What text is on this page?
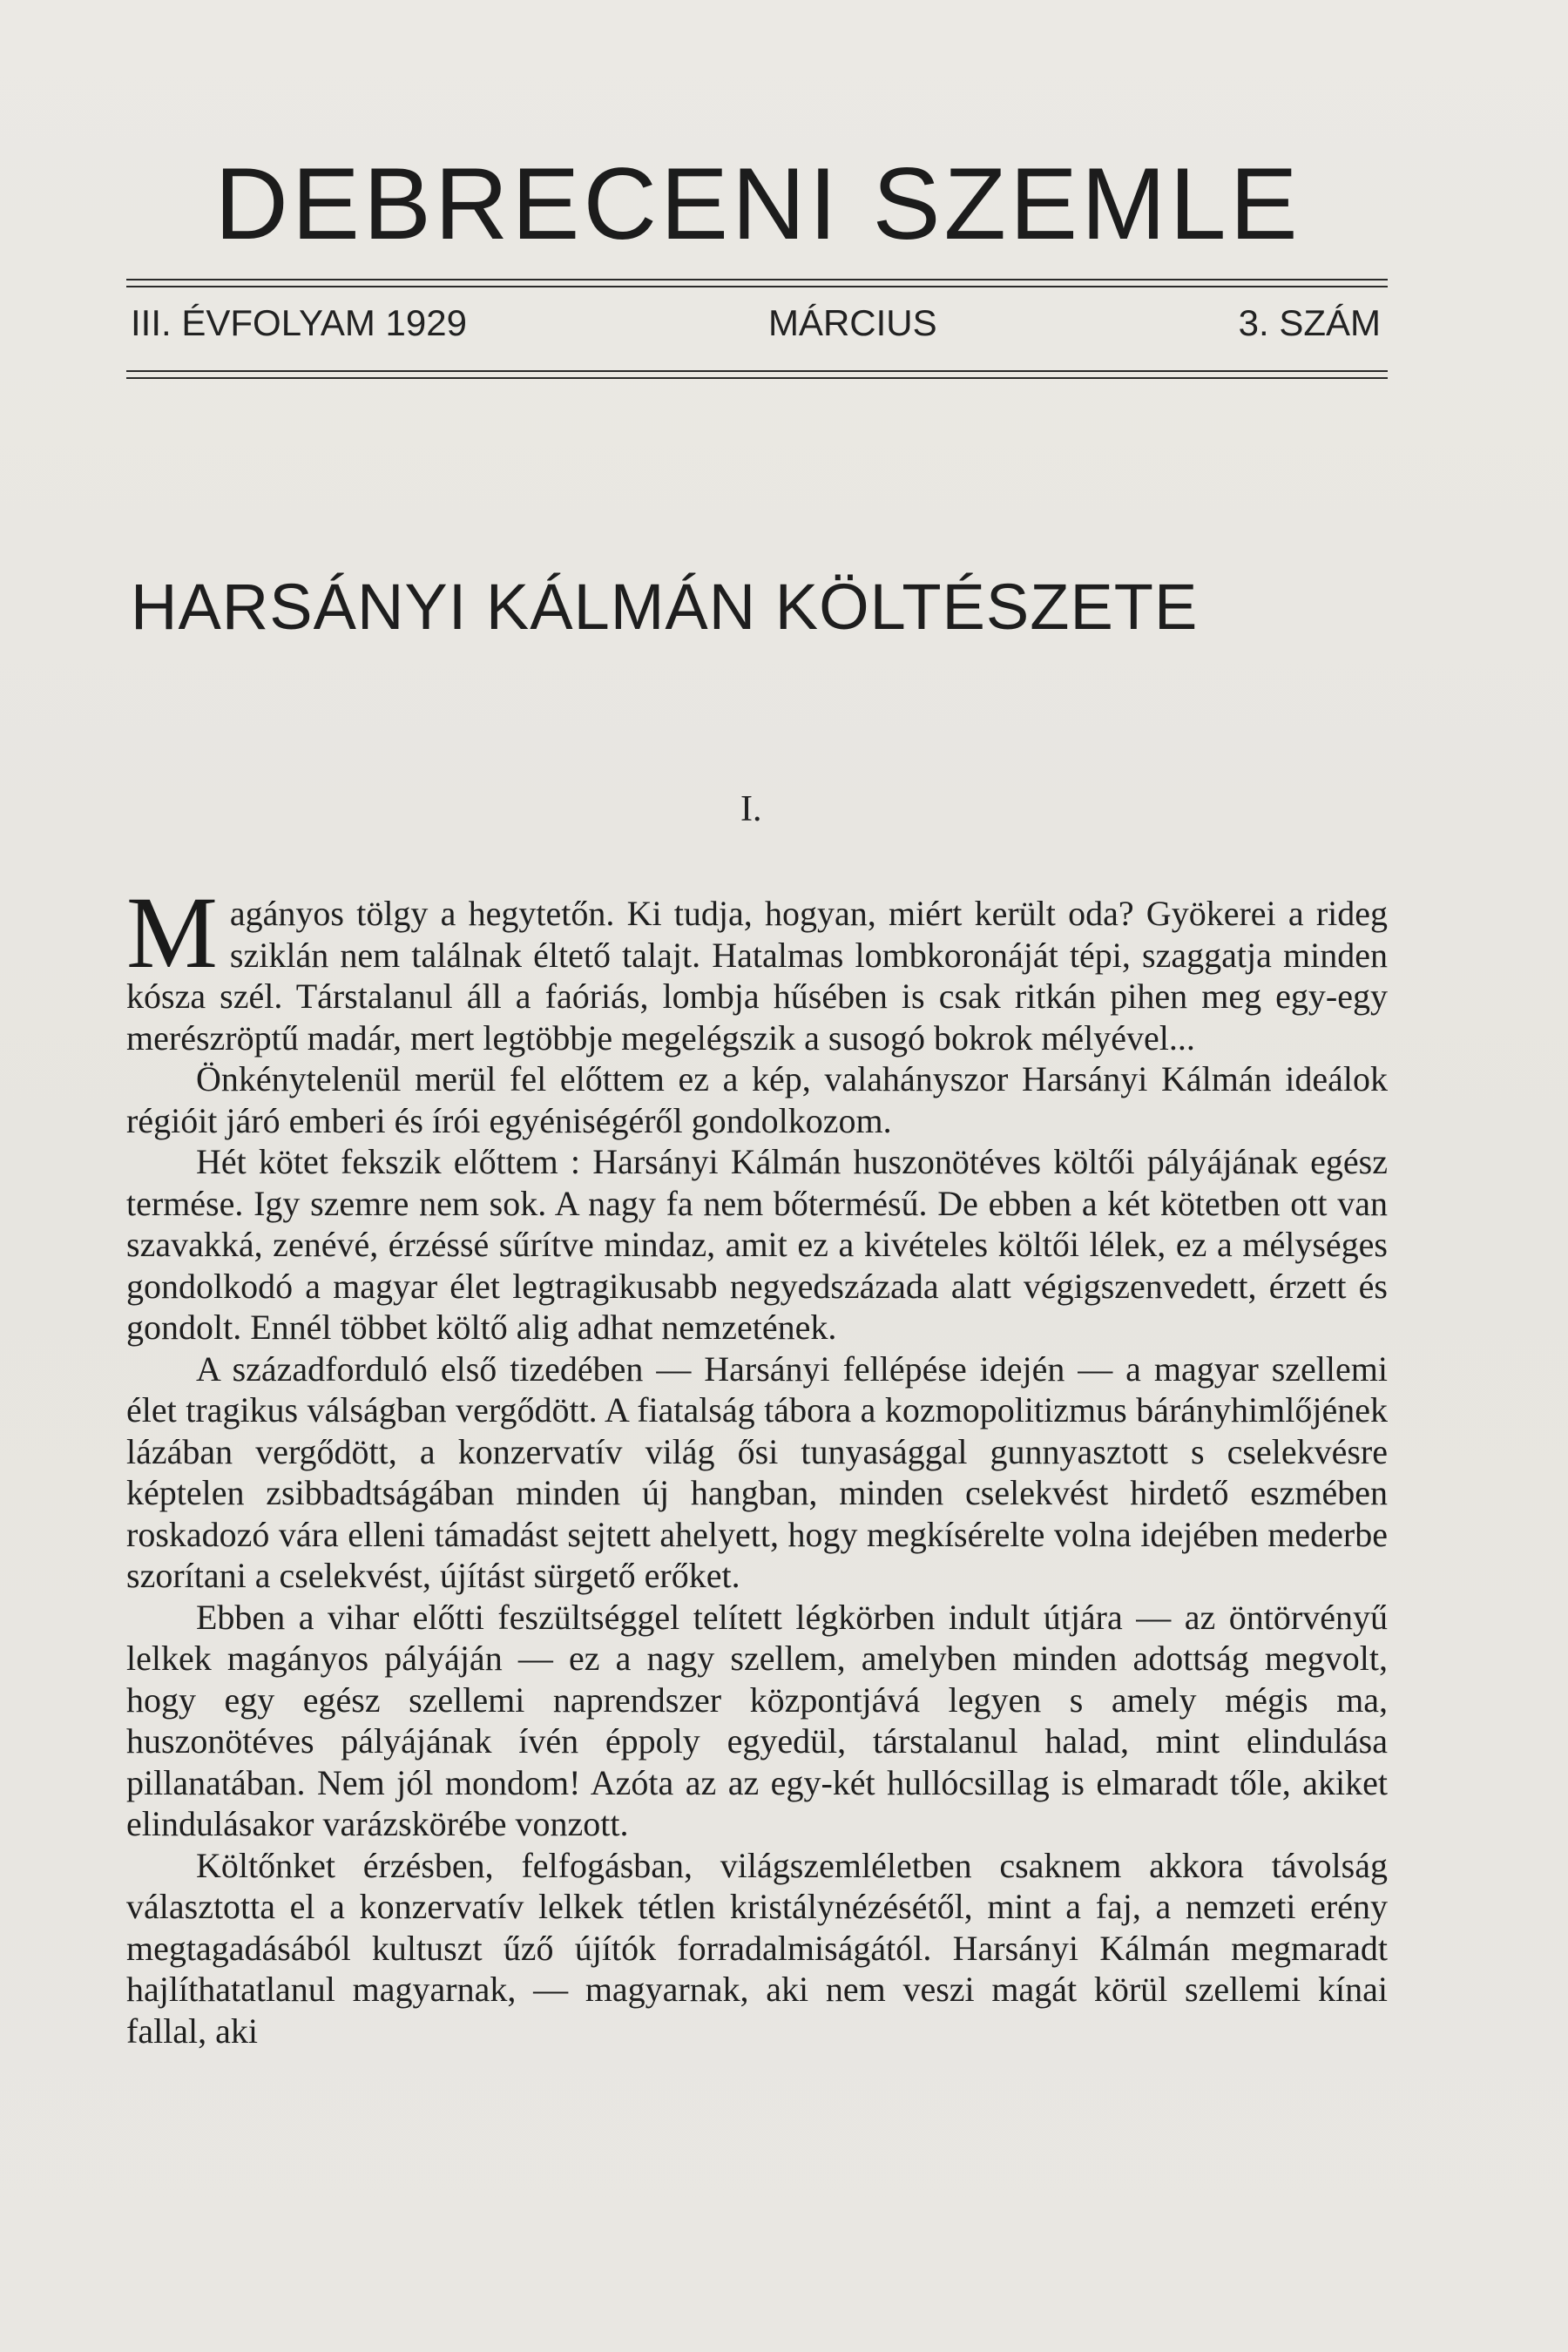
DEBRECENI SZEMLE
III. ÉVFOLYAM 1929	MÁRCIUS	3. SZÁM
HARSÁNYI KÁLMÁN KÖLTÉSZETE
I.

Magányos tölgy a hegytetőn. Ki tudja, hogyan, miért került oda? Gyökerei a rideg sziklán nem találnak éltető talajt. Hatalmas lombkoronáját tépi, szaggatja minden kósza szél. Társtalanul áll a faóriás, lombja hűsében is csak ritkán pihen meg egy-egy merészröptű madár, mert legtöbbje megelégszik a susogó bokrok mélyével...

Önkénytelenül merül fel előttem ez a kép, valahányszor Harsányi Kálmán ideálok régióit járó emberi és írói egyéniségéről gondolkozom.

Hét kötet fekszik előttem : Harsányi Kálmán huszonötéves költői pályájának egész termése. Igy szemre nem sok. A nagy fa nem bőtermésű. De ebben a két kötetben ott van szavakká, zenévé, érzéssé sűrítve mindaz, amit ez a kivételes költői lélek, ez a mélységes gondolkodó a magyar élet legtragikusabb negyedszázada alatt végigszenvedett, érzett és gondolt. Ennél többet költő alig adhat nemzetének.

A századforduló első tizedében — Harsányi fellépése idején — a magyar szellemi élet tragikus válságban vergődött. A fiatalság tábora a kozmopolitizmus bárányhimlőjének lázában vergődött, a konzervatív világ ősi tunyasággal gunnyasztott s cselekvésre képtelen zsibbadtságában minden új hangban, minden cselekvést hirdető eszmében roskadozó vára elleni támadást sejtett ahelyett, hogy megkísérelte volna idejében mederbe szorítani a cselekvést, újítást sürgető erőket.

Ebben a vihar előtti feszültséggel telített légkörben indult útjára — az öntörvényű lelkek magányos pályáján — ez a nagy szellem, amelyben minden adottság megvolt, hogy egy egész szellemi naprendszer központjává legyen s amely mégis ma, huszonötéves pályájának ívén éppoly egyedül, társtalanul halad, mint elindulása pillanatában. Nem jól mondom! Azóta az az egy-két hullócsillag is elmaradt tőle, akiket elindulásakor varázskörébe vonzott.

Költőnket érzésben, felfogásban, világszemléletben csaknem akkora távolság választotta el a konzervatív lelkek tétlen kristálynézésétől, mint a faj, a nemzeti erény megtagadásából kultuszt űző újítók forradalmiságától. Harsányi Kálmán megmaradt hajlíthatatlanul magyarnak, — magyarnak, aki nem veszi magát körül szellemi kínai fallal, aki
